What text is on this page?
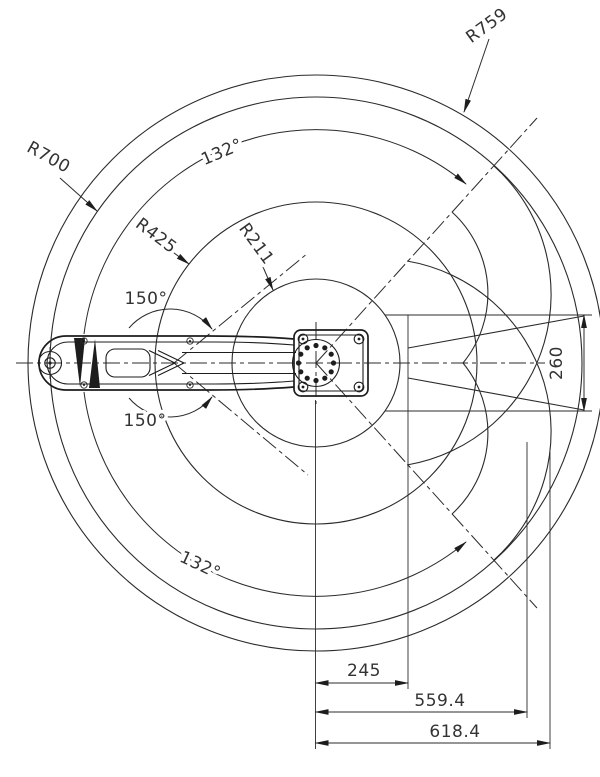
R759
R700
R425	R211
132°
132°
150°
150°
260
245
559.4
618.4
